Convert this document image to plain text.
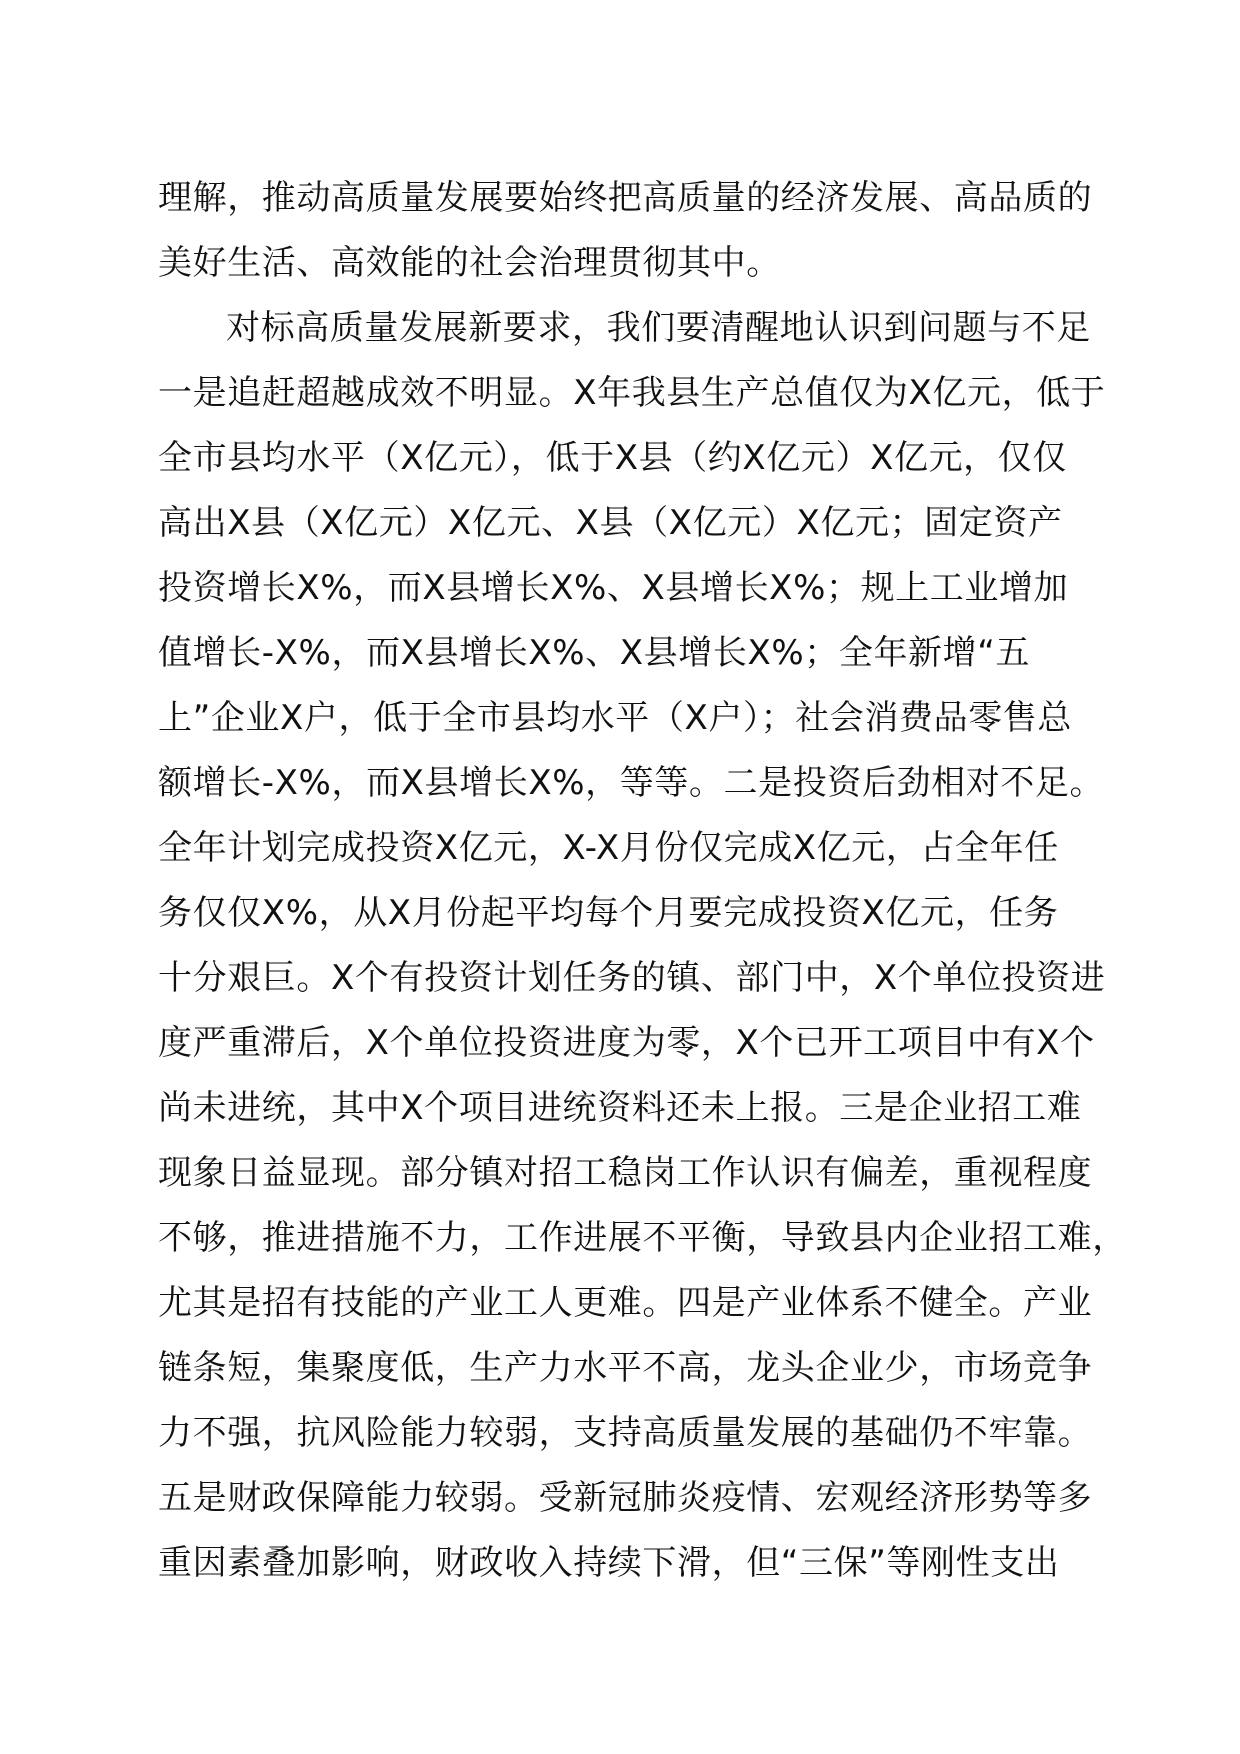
理解，推动高质量发展要始终把高质量的经济发展、高品质的
美好生活、高效能的社会治理贯彻其中。
对标高质量发展新要求，我们要清醒地认识到问题与不足
一是追赶超越成效不明显。X年我县生产总值仅为X亿元，低于
全市县均水平（X亿元），低于X县（约X亿元）X亿元，仅仅
高出X县（X亿元）X亿元、X县（X亿元）X亿元；固定资产
投资增长X%，而X县增长X%、X县增长X%；规上工业增加
值增长-X%，而X县增长X%、X县增长X%；全年新增“五
上”企业X户，低于全市县均水平（X户）；社会消费品零售总
额增长-X%，而X县增长X%，等等。二是投资后劲相对不足。
全年计划完成投资X亿元，X-X月份仅完成X亿元，占全年任
务仅仅X%，从X月份起平均每个月要完成投资X亿元，任务
十分艰巨。X个有投资计划任务的镇、部门中，X个单位投资进
度严重滞后，X个单位投资进度为零，X个已开工项目中有X个
尚未进统，其中X个项目进统资料还未上报。三是企业招工难
现象日益显现。部分镇对招工稳岗工作认识有偏差，重视程度
不够，推进措施不力，工作进展不平衡，导致县内企业招工难，
尤其是招有技能的产业工人更难。四是产业体系不健全。产业
链条短，集聚度低，生产力水平不高，龙头企业少，市场竞争
力不强，抗风险能力较弱，支持高质量发展的基础仍不牢靠。
五是财政保障能力较弱。受新冠肺炎疫情、宏观经济形势等多
重因素叠加影响，财政收入持续下滑，但“三保”等刚性支出
